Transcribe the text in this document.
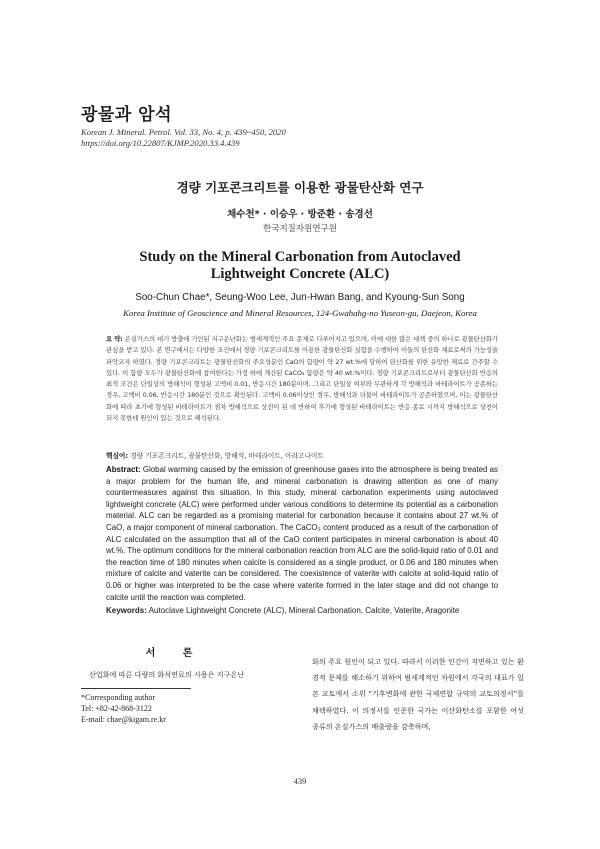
광물과 암석
Korean J. Mineral. Petrol. Vol. 33, No. 4, p. 439~450, 2020
https://doi.org/10.22807/KJMP.2020.33.4.439
경량 기포콘크리트를 이용한 광물탄산화 연구
채수천* · 이승우 · 방준환 · 송경선
한국지질자원연구원
Study on the Mineral Carbonation from Autoclaved
Lightweight Concrete (ALC)
Soo-Chun Chae*, Seung-Woo Lee, Jun-Hwan Bang, and Kyoung-Sun Song
Korea Institute of Geoscience and Mineral Resources, 124-Gwahahg-no Yuseon-gu, Daejeon, Korea
요 약: 온실가스의 대기 방출에 기인된 지구온난화는 범세계적인 주요 문제로 다루어지고 있으며, 이에 대한 많은 대책 중의 하나로 광물탄산화가 관심을 받고 있다. 본 연구에서는 다양한 조건에서 경량 기포콘크리트를 이용한 광물탄산화 실험을 수행하여 이들의 탄산화 재료로써의 가능성을 파악코자 하였다. 경량 기포콘크리트는 광물탄산화의 주요성분인 CaO의 함량이 약 27 wt.%에 달하여 탄산화를 위한 유망한 재료로 간주할 수 있다. 이 함량 모두가 광물탄산화에 참여한다는 가정 하에 계산된 CaCO₃ 함량은 약 40 wt.%이다. 경량 기포콘크리트로부터 광물탄산화 반응의 최적 조건은 단일상의 방해석이 형성된 고액비 0.01, 반응시간 180분이며, 그리고 단일상 여부와 무관하게 각 방해석과 바테라이트가 공존하는 경우, 고액비 0.06, 반응시간 180분인 것으로 확인된다. 고액비 0.06이상인 경우, 방해석과 더불어 바테라이트가 공존하였으며, 이는 광물탄산화에 따라 초기에 형성된 바테라이트가 점차 방해석으로 상전이 된 데 반하여 후기에 형성된 바테라이트는 반응 종료 시까지 방해석으로 상전이 되지 못한데 원인이 있는 것으로 해석된다.
핵심어: 경량 기포콘크리트, 광물탄산화, 방해석, 바테라이트, 아라고나이트
Abstract: Global warming caused by the emission of greenhouse gases into the atmosphere is being treated as a major problem for the human life, and mineral carbonation is drawing attention as one of many countermeasures against this situation. In this study, mineral carbonation experiments using autoclaved lightweight concrete (ALC) were performed under various conditions to determine its potential as a carbonation material. ALC can be regarded as a promising material for carbonation because it contains about 27 wt.% of CaO, a major component of mineral carbonation. The CaCO₃ content produced as a result of the carbonation of ALC calculated on the assumption that all of the CaO content participates in mineral carbonation is about 40 wt.%. The optimum conditions for the mineral carbonation reaction from ALC are the solid-liquid ratio of 0.01 and the reaction time of 180 minutes when calcite is considered as a single product, or 0.06 and 180 minutes when mixture of calcite and vaterite can be considered. The coexistence of vaterite with calcite at solid-liquid ratio of 0.06 or higher was interpreted to be the case where vaterite formed in the later stage and did not change to calcite until the reaction was completed.
Keywords: Autoclave Lightweight Concrete (ALC), Mineral Carbonation, Calcite, Vaterite, Aragonite
서 론

산업화에 따른 다량의 화석연료의 사용은 지구온난

*Corresponding author
Tel: +82-42-868-3122
E-mail: chae@kigam.re.kr

화의 주요 원인이 되고 있다. 따라서 이러한 인간이 직면하고 있는 환경적 문제를 해소하기 위하여 범세계적인 차원에서 각국의 대표가 일본 교토에서 소위 “기후변화에 관한 국제연합 규약의 교토의정서”를 채택하였다. 이 의정서를 인준한 국가는 이산화탄소를 포함한 여섯 종류의 온실가스의 배출량을 감축하며,

439
